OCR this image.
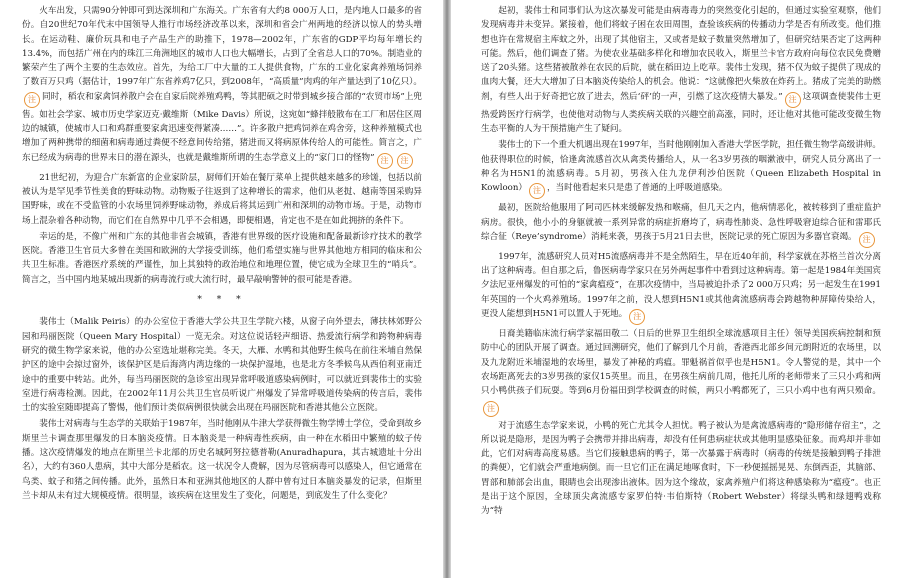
火车出发，只需90分钟即可到达深圳和广东海关。广东省有大约8 000万人口，是内地人口最多的省份。自20世纪70年代末中国领导人推行市场经济改革以来，深圳和省会广州两地的经济以惊人的势头增长。在运动鞋、廉价玩具和电子产品生产的助推下，1978—2002年，广东省的GDP平均每年增长约13.4%，而包括广州在内的珠江三角洲地区的城市人口也大幅增长，占到了全省总人口的70%。制造业的繁荣产生了两个主要的生态效应。首先，为给工厂中大量的工人提供食物，广东的工业化家禽养殖场饲养了数百万只鸡（据估计，1997年广东省养鸡7亿只，到2008年，“高质量”肉鸡的年产量达到了10亿只）。注 同时，稻农和家禽饲养散户会在自家后院养殖鸡鸭，等其肥硕之时带到城乡接合部的“农贸市场”上兜售。如社会学家、城市历史学家迈克·戴维斯（Mike Davis）所说，这宛如“蜂拌般散布在工厂和居住区周边的城镇，使城市人口和鸡群重要家禽迅速变得紧凑……”。许多散户把鸡饲养在鸡舍旁，这种养殖模式也增加了两种携带的细菌和病毒通过粪便不经意间传给猪，猪进而又将病原体传给人的可能性。简言之，广东已经成为病毒的世界末日的潜在源头，也就是戴维斯所谓的生态学意义上的“家门口的怪物” 注 注

21世纪初，为迎合广东新富的企业家阶层，厨师们开始在餐厅菜单上提供越来越多的珍馐，包括以前被认为是罕见季节性美食的野味动物。动物贩子往返到了这种增长的需求，他们从老挝、越南等国采购异国野味，或在不受监管的小农场里饲养野味动物，养成后将其运到广州和深圳的动物市场。于是，动物市场上混杂着各种动物，而它们在自然界中几乎不会相遇，即便相遇，肯定也不是在如此拥挤的条件下。

幸运的是，不像广州和广东的其他非省会城镇，香港有世界级的医疗设施和配备最新诊疗技术的教学医院。香港卫生官员大多曾在美国和欧洲的大学接受训练，他们希望实施与世界其他地方相同的临床和公共卫生标准。香港医疗系统的严谨性，加上其独特的政治地位和地理位置，使它成为全球卫生的“哨兵”。简言之，当中国内地某城出现新的病毒流行或大流行时，最早敲响警钟的很可能是香港。

* * *

裴伟士（Malik Peiris）的办公室位于香港大学公共卫生学院六楼，从窗子向外望去，薄扶林郊野公园和玛丽医院（Queen Mary Hospital）一览无余。对这位说话轻声细语、热爱流行病学和跨物种病毒研究的微生物学家来说，他的办公室选址堪称完美。冬天，大雁、水鸭和其他野生候鸟在前往米埔自然保护区的途中会掠过窗外，该保护区是后海湾内湾边缘的一块保护湿地，也是北方冬季候鸟从西伯利亚南迁途中的重要中转站。此外，每当玛丽医院的急诊室出现异常呼吸道感染病例时，可以就近到裴伟士的实验室进行病毒检测。因此，在2002年11月公共卫生官员听说广州爆发了异常呼吸道传染病的传言后，裴伟士的实验室随即提高了警惕，他们预计类似病例很快就会出现在玛丽医院和香港其他公立医院。

裴伟士对病毒与生态学的关联始于1987年，当时他刚从牛津大学获得微生物学博士学位，受命到故乡斯里兰卡调查那里爆发的日本脑炎疫情。日本脑炎是一种病毒性疾病，由一种在水稻田中繁殖的蚊子传播。这次疫情爆发的地点在斯里兰卡北部的历史名城阿努拉德普勒(Anuradhapura，其古城遗址十分出名），大约有360人患病，其中大部分是稻农。这一状况令人费解，因为尽管病毒可以感染人，但它通常在鸟类、蚊子和猪之间传播。此外，虽然日本和亚洲其他地区的人群中曾有过日本脑炎暴发的记录，但斯里兰卡却从未有过大规模疫情。很明显，该疾病在这里发生了变化，问题是，到底发生了什么变化？

起初，裴伟士和同事们认为这次暴发可能是由病毒毒力的突然变化引起的，但通过实验室观察，他们发现病毒并未变异。紧接着，他们将蚊子困在农田周围，查验该疾病的传播动力学是否有所改变。他们推想也许在常规宿主库蚊之外，出现了其他宿主，又或者是蚊子数量突然增加了，但研究结果否定了这两种可能。然后，他们调查了猪。为使农业基础多样化和增加农民收入，斯里兰卡官方政府向每位农民免费赠送了20头猪。这些猪被散养在农民的后院，就在稻田边上吃草。裴伟士发现，猪不仅为蚊子提供了现成的血肉大餐，还大大增加了日本脑炎传染给人的机会。他说：“这就像把火柴放在炸药上。猪成了完美的助燃剂，有些人出于好奇把它放了进去，然后‘砰’的一声，引燃了这次疫情大暴发。” 注 这项调查使裴伟士更热爱跨医疗行病学，也使他对动物与人类疾病关联的兴趣空前高涨，同时，还让他对其他可能改变微生物生态平衡的人为干预措施产生了疑问。

裴伟士的下一个重大机遇出现在1997年，当时他刚刚加入香港大学医学院，担任微生物学高级讲师。他获得职位的时候，恰逢禽流感首次从禽类传播给人，从一名3岁男孩的咽漱液中，研究人员分离出了一种名为H5N1的流感病毒。5月初，男孩入住九龙伊利沙伯医院（Queen Elizabeth Hospital in Kowloon） 注 ，当时他看起来只是患了普通的上呼吸道感染。

最初，医院给他服用了阿司匹林来缓解发热和喉痛，但几天之内，他病情恶化，被转移到了重症监护病房。很快，他小小的身躯就被一系列异常的病症折磨垮了，病毒性肺炎、急性呼吸窘迫综合征和雷耶氏综合征（Reye’syndrome）消耗来袭，男孩于5月21日去世，医院记录的死亡原因为多器官衰竭。 注

1997年，流感研究人员对H5流感病毒并不是全然陌生，早在近40年前，科学家就在苏格兰首次分离出了这种病毒。但自那之后，鲁医病毒学家只在另外两起事件中看到过这种病毒。第一起是1984年美国宾夕法尼亚州爆发的可怕的“家禽瘟疫”，在那次疫情中，当局被迫扑杀了2 000万只鸡；另一起发生在1991年英国的一个火鸡养殖场。1997年之前，没人想到H5N1或其他禽流感病毒会跨越物种屏障传染给人，更没人能想到H5N1可以置人于死地。 注

日裔美籍临床流行病学家福田敬二（日后的世界卫生组织全球流感项目主任）领导美国疾病控制和预防中心的团队开展了调查。通过回溯研究，他们了解到几个月前，香港西北部乡间元朗附近的农场里，以及九龙附近米埔湿地的农场里，暴发了神秘的鸡瘟。罪魁祸首似乎也是H5N1。令人警觉的是，其中一个农场距离死去的3岁男孩的家仅15英里。而且，在男孩生病前几周，他托儿所的老师带来了三只小鸡和两只小鸭供孩子们玩耍。等到6月份福田到学校调查的时候，两只小鸭都死了，三只小鸡中也有两只殒命。注

对于流感生态学家来说，小鸭的死亡尤其令人担忧。鸭子被认为是禽流感病毒的“隐形储存宿主”，之所以说是隐形，是因为鸭子会携带并排出病毒，却没有任何患病症状或其他明显感染征象。而鸡却并非如此，它们对病毒高度易感。当它们接触患病的鸭子，第一次暴露于病毒时（病毒的传统是接触到鸭子排泄的粪便），它们就会严重地病倒。而一旦它们正在满足地啄食时，下一秒便摇摇晃晃、东倒西歪，其脑部、胃部和肺部会出血，眼睛也会出现渗出液体。因为这个缘故，家禽养殖户们将这种感染称为“瘟疫”。也正是出于这个原因，全球顶尖禽流感专家罗伯特·韦伯斯特（Robert Webster）将绿头鸭和绿翅鸭戏称为“特
